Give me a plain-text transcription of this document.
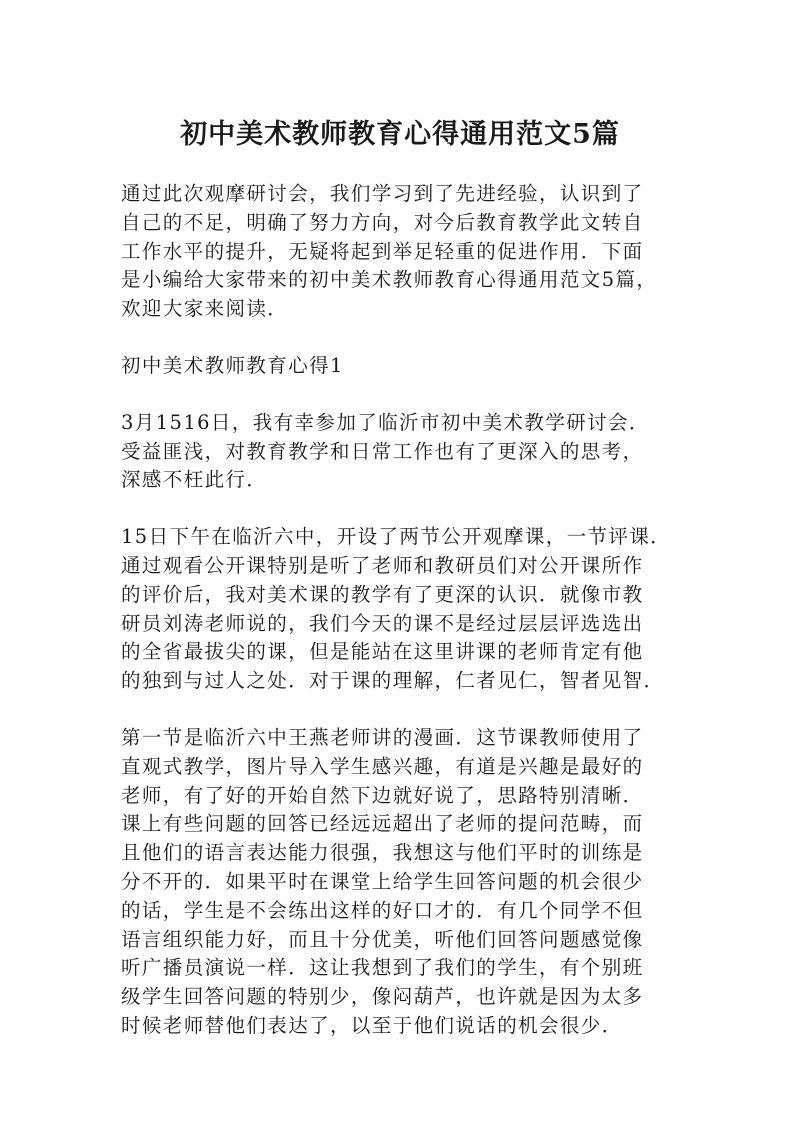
初中美术教师教育心得通用范文5篇

通过此次观摩研讨会，我们学习到了先进经验，认识到了
自己的不足，明确了努力方向，对今后教育教学此文转自
工作水平的提升，无疑将起到举足轻重的促进作用．下面
是小编给大家带来的初中美术教师教育心得通用范文5篇，
欢迎大家来阅读．

初中美术教师教育心得1

3月1516日，我有幸参加了临沂市初中美术教学研讨会．
受益匪浅，对教育教学和日常工作也有了更深入的思考，
深感不枉此行．

15日下午在临沂六中，开设了两节公开观摩课，一节评课．
通过观看公开课特别是听了老师和教研员们对公开课所作
的评价后，我对美术课的教学有了更深的认识．就像市教
研员刘涛老师说的，我们今天的课不是经过层层评选选出
的全省最拔尖的课，但是能站在这里讲课的老师肯定有他
的独到与过人之处．对于课的理解，仁者见仁，智者见智．

第一节是临沂六中王燕老师讲的漫画．这节课教师使用了
直观式教学，图片导入学生感兴趣，有道是兴趣是最好的
老师，有了好的开始自然下边就好说了，思路特别清晰．
课上有些问题的回答已经远远超出了老师的提问范畴，而
且他们的语言表达能力很强，我想这与他们平时的训练是
分不开的．如果平时在课堂上给学生回答问题的机会很少
的话，学生是不会练出这样的好口才的．有几个同学不但
语言组织能力好，而且十分优美，听他们回答问题感觉像
听广播员演说一样．这让我想到了我们的学生，有个别班
级学生回答问题的特别少，像闷葫芦，也许就是因为太多
时候老师替他们表达了，以至于他们说话的机会很少．
